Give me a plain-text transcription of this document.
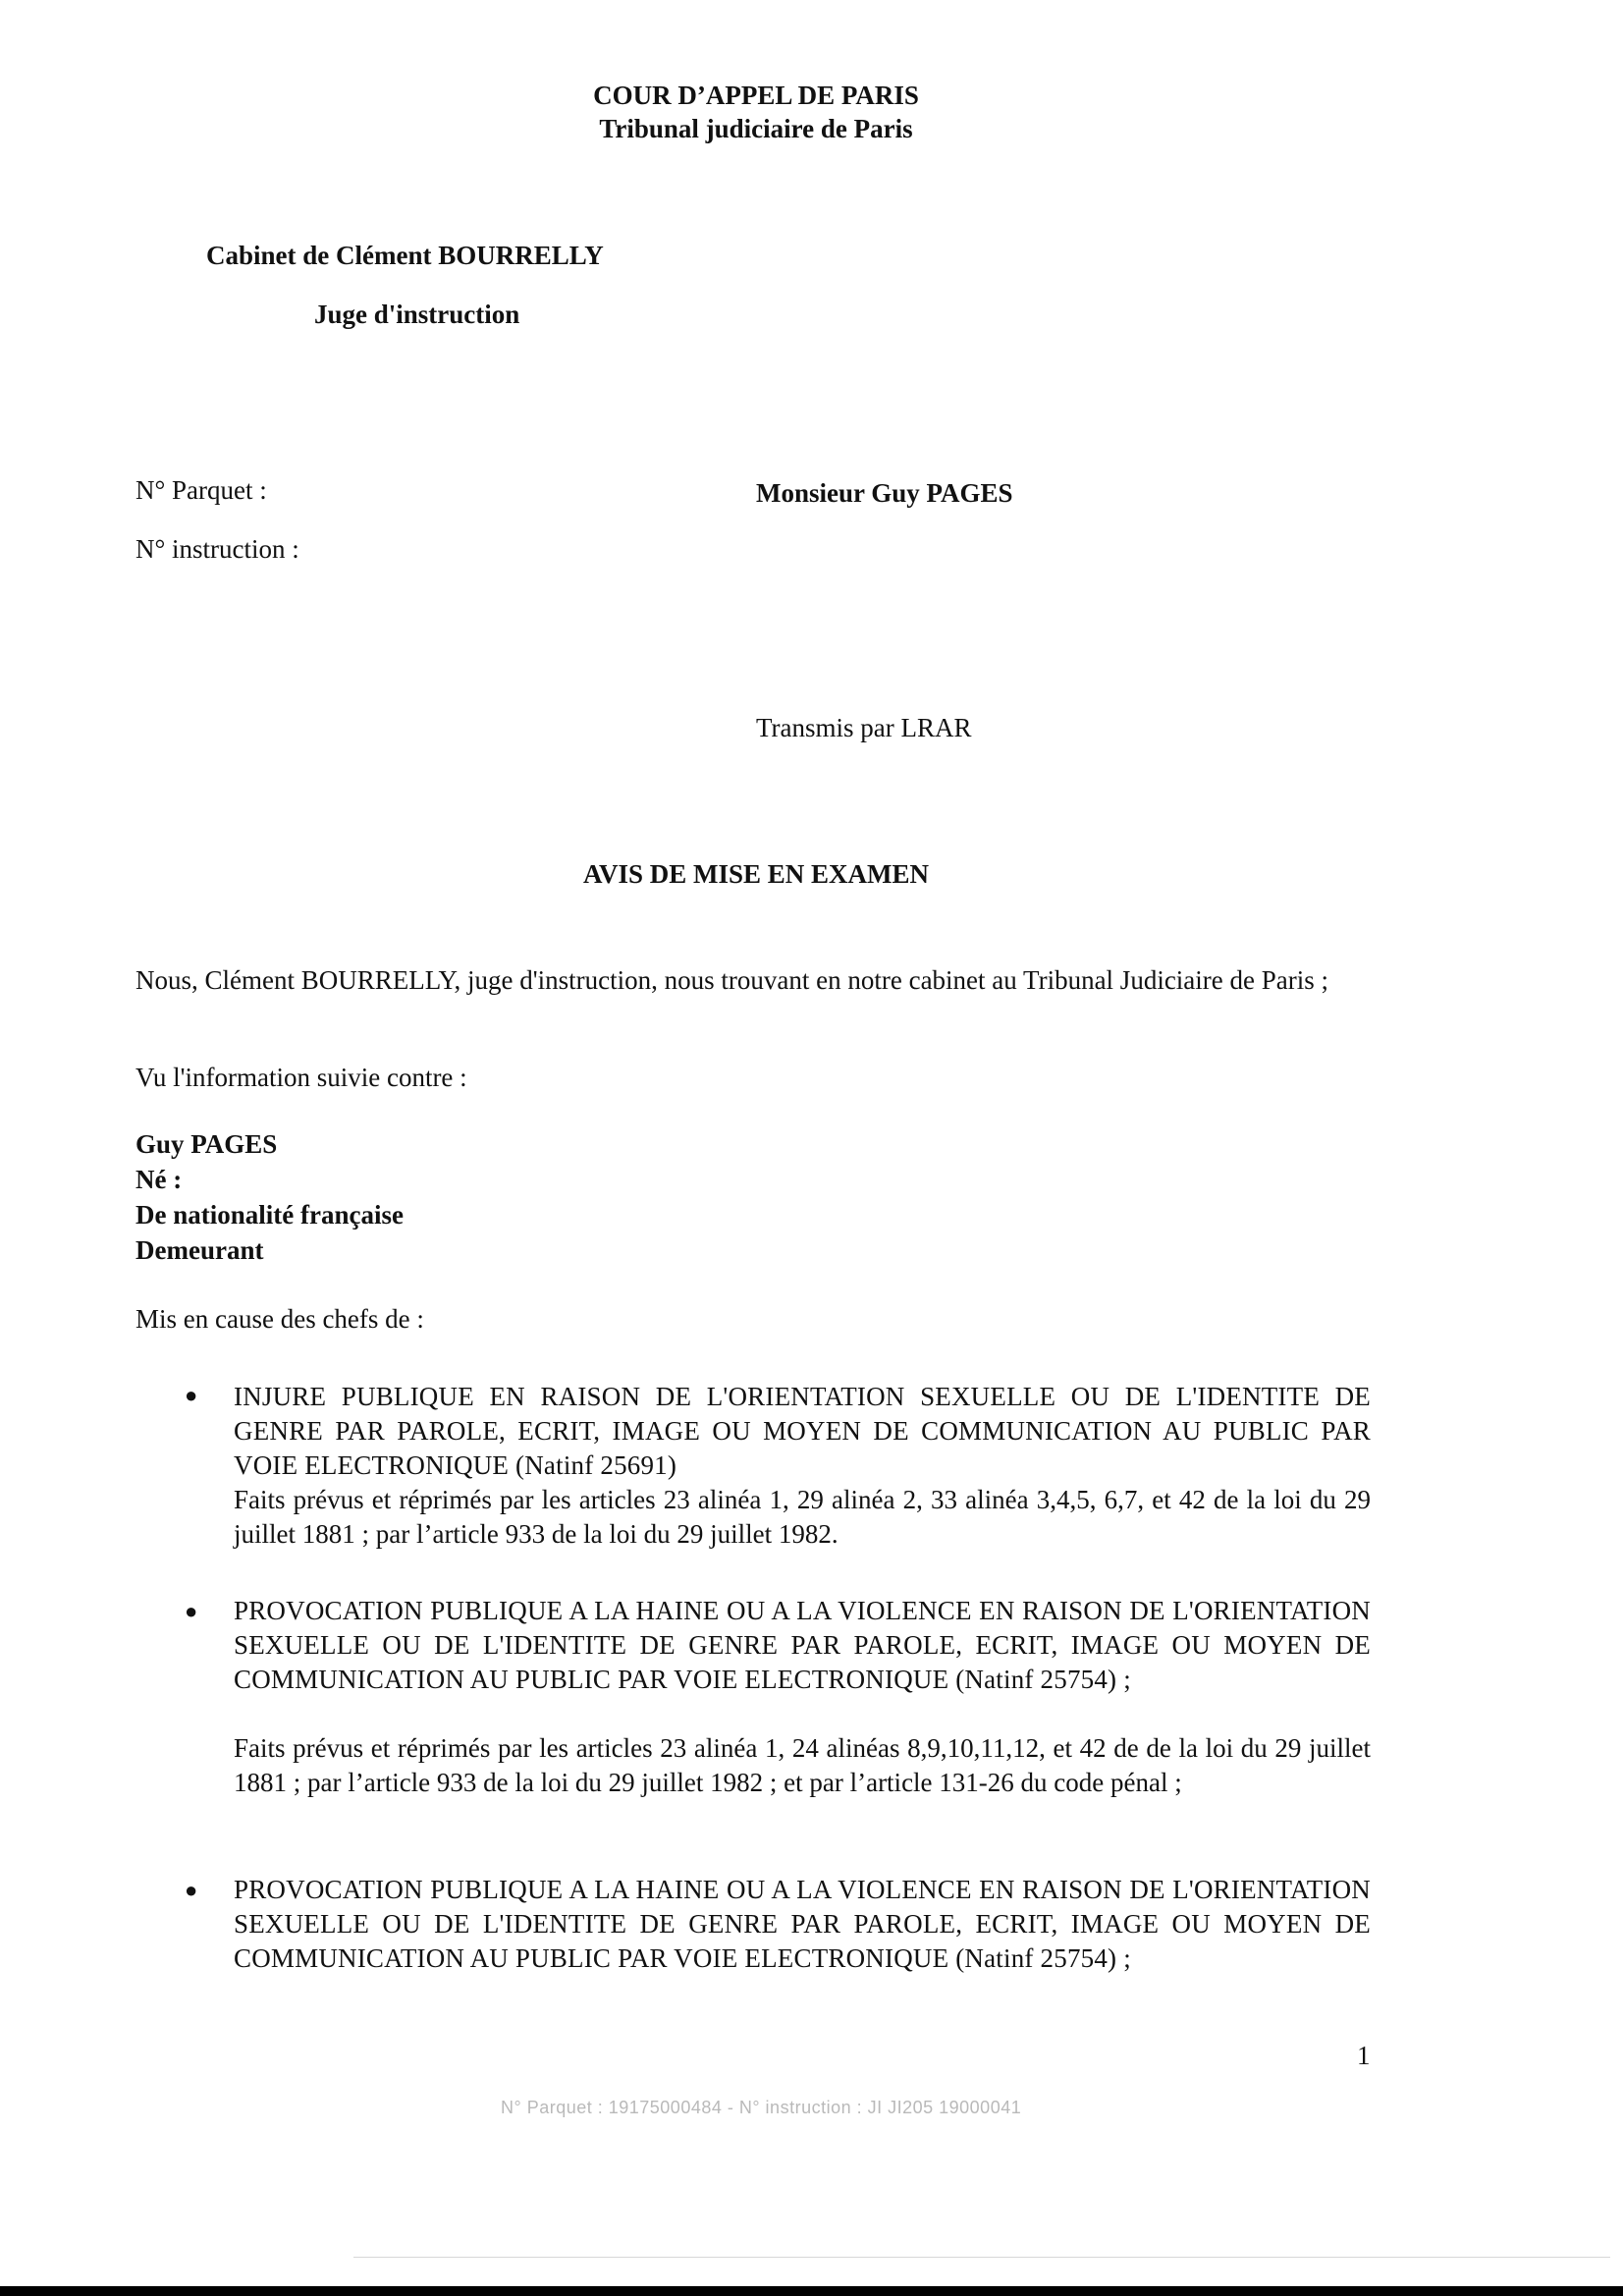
COUR D’APPEL DE PARIS
Tribunal judiciaire de Paris
Cabinet de Clément BOURRELLY
Juge d'instruction
N° Parquet :
N° instruction :
Monsieur Guy PAGES
Transmis par LRAR
AVIS DE MISE EN EXAMEN
Nous, Clément BOURRELLY, juge d'instruction, nous trouvant en notre cabinet au Tribunal Judiciaire de Paris ;
Vu l'information suivie contre :
Guy PAGES
Né :
De nationalité française
Demeurant
Mis en cause des chefs de :
● INJURE PUBLIQUE EN RAISON DE L'ORIENTATION SEXUELLE OU DE L'IDENTITE DE GENRE PAR PAROLE, ECRIT, IMAGE OU MOYEN DE COMMUNICATION AU PUBLIC PAR VOIE ELECTRONIQUE (Natinf 25691)
Faits prévus et réprimés par les articles 23 alinéa 1, 29 alinéa 2, 33 alinéa 3,4,5, 6,7, et 42 de la loi du 29 juillet 1881 ; par l’article 933 de la loi du 29 juillet 1982.
● PROVOCATION PUBLIQUE A LA HAINE OU A LA VIOLENCE EN RAISON DE L'ORIENTATION SEXUELLE OU DE L'IDENTITE DE GENRE PAR PAROLE, ECRIT, IMAGE OU MOYEN DE COMMUNICATION AU PUBLIC PAR VOIE ELECTRONIQUE (Natinf 25754) ;
Faits prévus et réprimés par les articles 23 alinéa 1, 24 alinéas 8,9,10,11,12, et 42 de de la loi du 29 juillet 1881 ; par l’article 933 de la loi du 29 juillet 1982 ; et par l’article 131-26 du code pénal ;
● PROVOCATION PUBLIQUE A LA HAINE OU A LA VIOLENCE EN RAISON DE L'ORIENTATION SEXUELLE OU DE L'IDENTITE DE GENRE PAR PAROLE, ECRIT, IMAGE OU MOYEN DE COMMUNICATION AU PUBLIC PAR VOIE ELECTRONIQUE (Natinf 25754) ;
1
N° Parquet : 19175000484 - N° instruction : JI JI205 19000041
